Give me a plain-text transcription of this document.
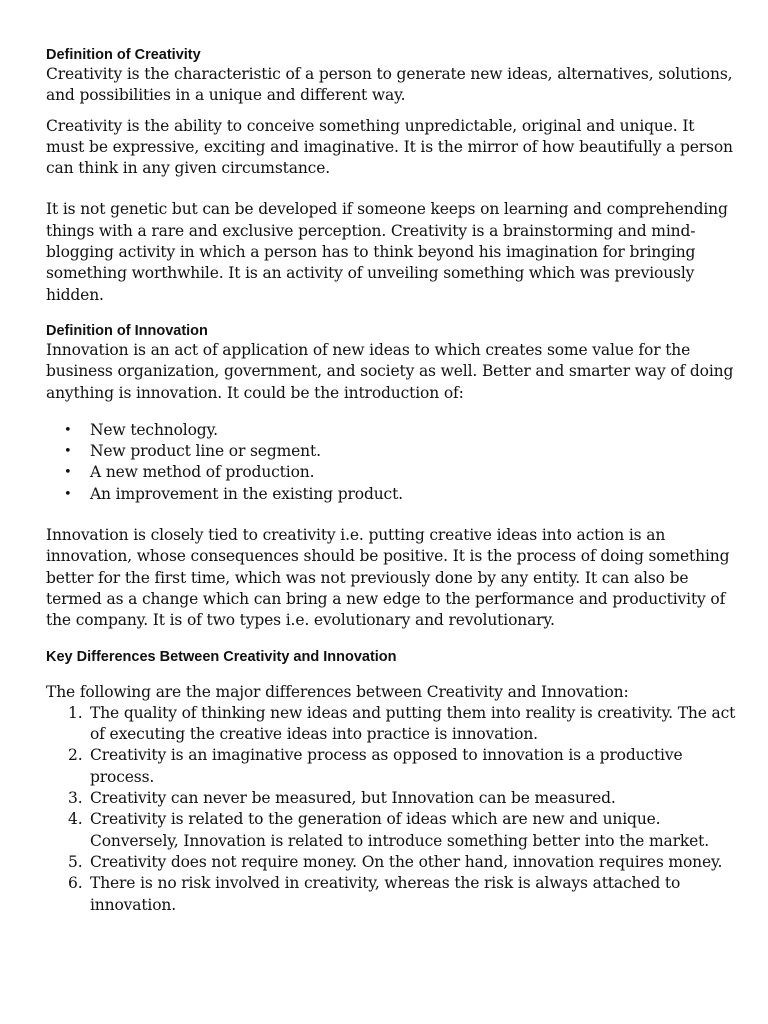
Definition of Creativity

Creativity is the characteristic of a person to generate new ideas, alternatives, solutions, and possibilities in a unique and different way.

Creativity is the ability to conceive something unpredictable, original and unique. It must be expressive, exciting and imaginative. It is the mirror of how beautifully a person can think in any given circumstance.

It is not genetic but can be developed if someone keeps on learning and comprehending things with a rare and exclusive perception. Creativity is a brainstorming and mind-blogging activity in which a person has to think beyond his imagination for bringing something worthwhile. It is an activity of unveiling something which was previously hidden.

Definition of Innovation

Innovation is an act of application of new ideas to which creates some value for the business organization, government, and society as well. Better and smarter way of doing anything is innovation. It could be the introduction of:

• New technology.
• New product line or segment.
• A new method of production.
• An improvement in the existing product.

Innovation is closely tied to creativity i.e. putting creative ideas into action is an innovation, whose consequences should be positive. It is the process of doing something better for the first time, which was not previously done by any entity. It can also be termed as a change which can bring a new edge to the performance and productivity of the company. It is of two types i.e. evolutionary and revolutionary.

Key Differences Between Creativity and Innovation

The following are the major differences between Creativity and Innovation:

1. The quality of thinking new ideas and putting them into reality is creativity. The act of executing the creative ideas into practice is innovation.
2. Creativity is an imaginative process as opposed to innovation is a productive process.
3. Creativity can never be measured, but Innovation can be measured.
4. Creativity is related to the generation of ideas which are new and unique. Conversely, Innovation is related to introduce something better into the market.
5. Creativity does not require money. On the other hand, innovation requires money.
6. There is no risk involved in creativity, whereas the risk is always attached to innovation.
